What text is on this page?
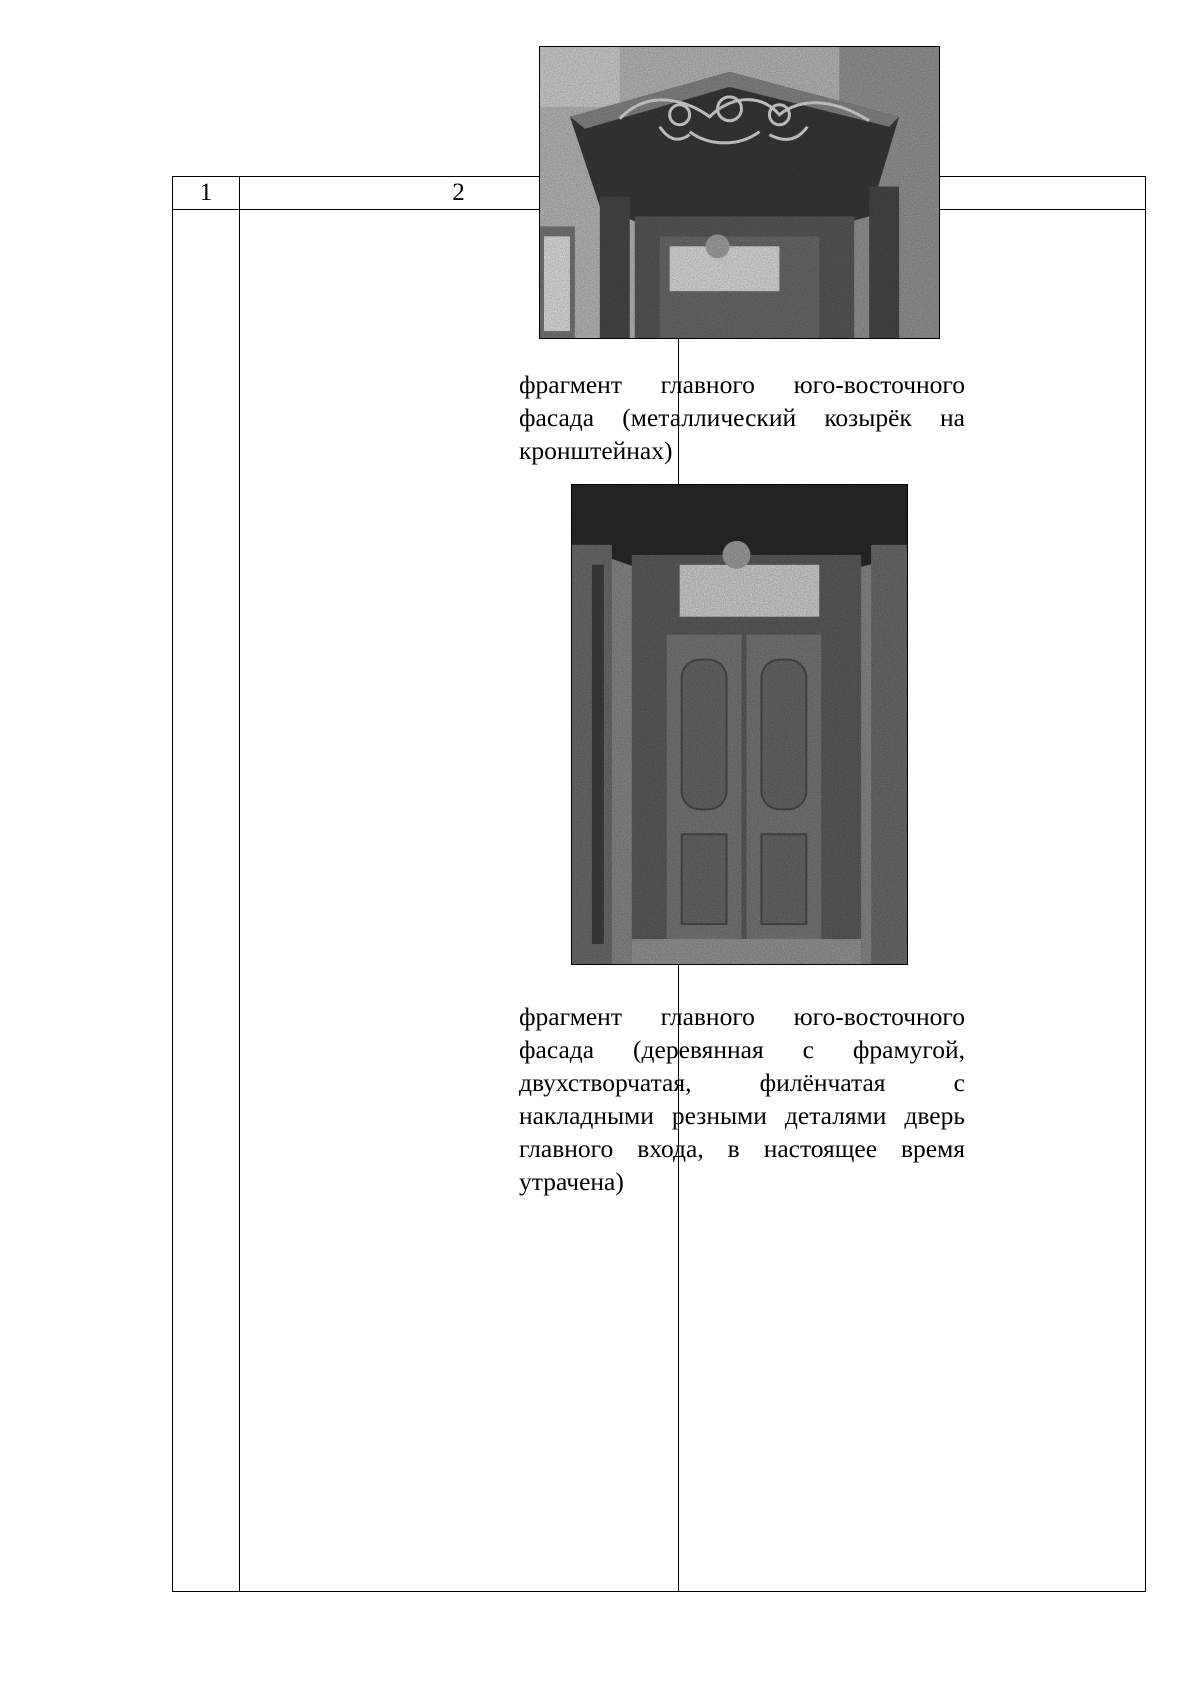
1	2
фрагмент главного юго-восточного фасада (металлический козырёк на кронштейнах)
фрагмент главного юго-восточного фасада (деревянная с фрамугой, двухстворчатая, филёнчатая с накладными резными деталями дверь главного входа, в настоящее время утрачена)
